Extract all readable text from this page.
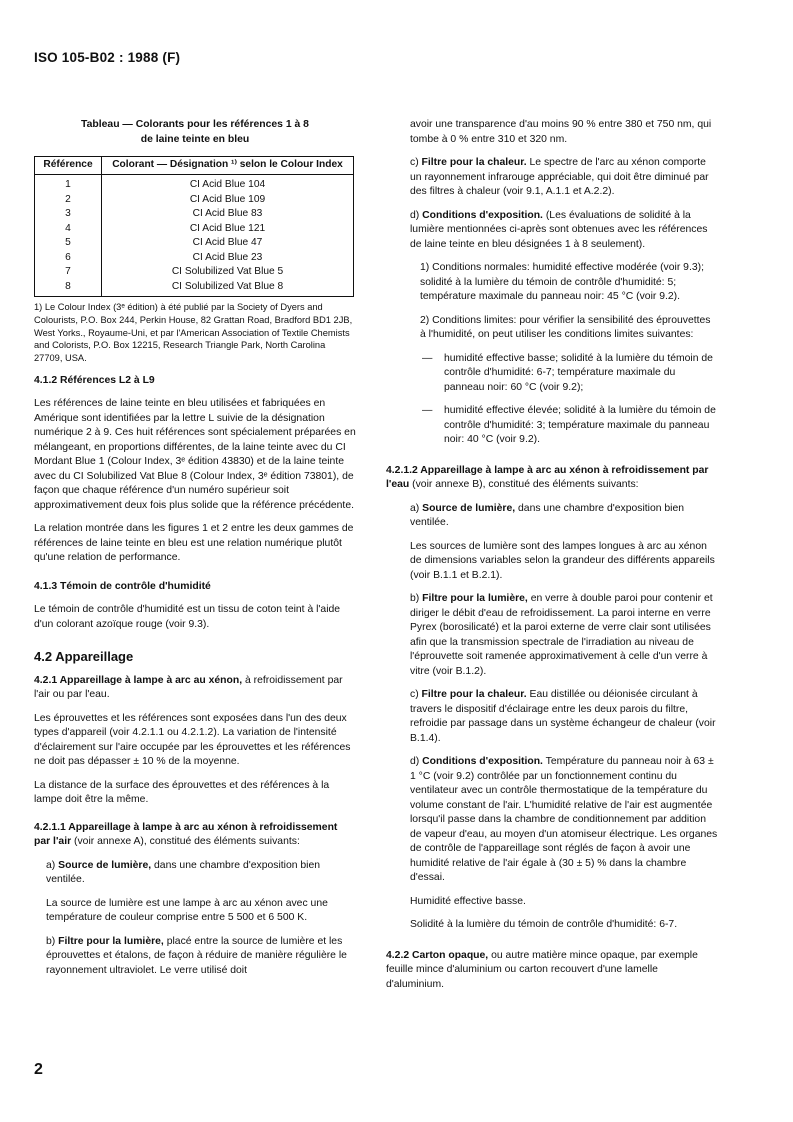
ISO 105-B02 : 1988 (F)

Tableau — Colorants pour les références 1 à 8
de laine teinte en bleu

Référence	Colorant — Désignation ¹⁾ selon le Colour Index
1	CI Acid Blue 104
2	CI Acid Blue 109
3	CI Acid Blue 83
4	CI Acid Blue 121
5	CI Acid Blue 47
6	CI Acid Blue 23
7	CI Solubilized Vat Blue 5
8	CI Solubilized Vat Blue 8

1) Le Colour Index (3ᵉ édition) à été publié par la Society of Dyers and Colourists, P.O. Box 244, Perkin House, 82 Grattan Road, Bradford BD1 2JB, West Yorks., Royaume-Uni, et par l'American Association of Textile Chemists and Colorists, P.O. Box 12215, Research Triangle Park, North Carolina 27709, USA.

4.1.2 Références L2 à L9

Les références de laine teinte en bleu utilisées et fabriquées en Amérique sont identifiées par la lettre L suivie de la désignation numérique 2 à 9. Ces huit références sont spécialement préparées en mélangeant, en proportions différentes, de la laine teinte avec du CI Mordant Blue 1 (Colour Index, 3ᵉ édition 43830) et de la laine teinte avec du CI Solubilized Vat Blue 8 (Colour Index, 3ᵉ édition 73801), de façon que chaque référence d'un numéro supérieur soit approximativement deux fois plus solide que la référence précédente.

La relation montrée dans les figures 1 et 2 entre les deux gammes de références de laine teinte en bleu est une relation numérique plutôt qu'une relation de performance.

4.1.3 Témoin de contrôle d'humidité

Le témoin de contrôle d'humidité est un tissu de coton teint à l'aide d'un colorant azoïque rouge (voir 9.3).

4.2 Appareillage

4.2.1 Appareillage à lampe à arc au xénon, à refroidissement par l'air ou par l'eau.

Les éprouvettes et les références sont exposées dans l'un des deux types d'appareil (voir 4.2.1.1 ou 4.2.1.2). La variation de l'intensité d'éclairement sur l'aire occupée par les éprouvettes et les références ne doit pas dépasser ± 10 % de la moyenne.

La distance de la surface des éprouvettes et des références à la lampe doit être la même.

4.2.1.1 Appareillage à lampe à arc au xénon à refroidissement par l'air (voir annexe A), constitué des éléments suivants:

a) Source de lumière, dans une chambre d'exposition bien ventilée.

La source de lumière est une lampe à arc au xénon avec une température de couleur comprise entre 5 500 et 6 500 K.

b) Filtre pour la lumière, placé entre la source de lumière et les éprouvettes et étalons, de façon à réduire de manière régulière le rayonnement ultraviolet. Le verre utilisé doit

avoir une transparence d'au moins 90 % entre 380 et 750 nm, qui tombe à 0 % entre 310 et 320 nm.

c) Filtre pour la chaleur. Le spectre de l'arc au xénon comporte un rayonnement infrarouge appréciable, qui doit être diminué par des filtres à chaleur (voir 9.1, A.1.1 et A.2.2).

d) Conditions d'exposition. (Les évaluations de solidité à la lumière mentionnées ci-après sont obtenues avec les références de laine teinte en bleu désignées 1 à 8 seulement).

1) Conditions normales: humidité effective modérée (voir 9.3); solidité à la lumière du témoin de contrôle d'humidité: 5; température maximale du panneau noir: 45 °C (voir 9.2).

2) Conditions limites: pour vérifier la sensibilité des éprouvettes à l'humidité, on peut utiliser les conditions limites suivantes:

—	humidité effective basse; solidité à la lumière du témoin de contrôle d'humidité: 6-7; température maximale du panneau noir: 60 °C (voir 9.2);
—	humidité effective élevée; solidité à la lumière du témoin de contrôle d'humidité: 3; température maximale du panneau noir: 40 °C (voir 9.2).

4.2.1.2 Appareillage à lampe à arc au xénon à refroidissement par l'eau (voir annexe B), constitué des éléments suivants:

a) Source de lumière, dans une chambre d'exposition bien ventilée.

Les sources de lumière sont des lampes longues à arc au xénon de dimensions variables selon la grandeur des différents appareils (voir B.1.1 et B.2.1).

b) Filtre pour la lumière, en verre à double paroi pour contenir et diriger le débit d'eau de refroidissement. La paroi interne en verre Pyrex (borosilicaté) et la paroi externe de verre clair sont utilisées afin que la transmission spectrale de l'irradiation au niveau de l'éprouvette soit ramenée approximativement à celle d'un verre à vitre (voir B.1.2).

c) Filtre pour la chaleur. Eau distillée ou déionisée circulant à travers le dispositif d'éclairage entre les deux parois du filtre, refroidie par passage dans un système échangeur de chaleur (voir B.1.4).

d) Conditions d'exposition. Température du panneau noir à 63 ± 1 °C (voir 9.2) contrôlée par un fonctionnement continu du ventilateur avec un contrôle thermostatique de la température du volume constant de l'air. L'humidité relative de l'air est augmentée lorsqu'il passe dans la chambre de conditionnement par addition de vapeur d'eau, au moyen d'un atomiseur électrique. Les organes de contrôle de l'appareillage sont réglés de façon à avoir une humidité relative de l'air égale à (30 ± 5) % dans la chambre d'essai.

Humidité effective basse.

Solidité à la lumière du témoin de contrôle d'humidité: 6-7.

4.2.2 Carton opaque, ou autre matière mince opaque, par exemple feuille mince d'aluminium ou carton recouvert d'une lamelle d'aluminium.

2
